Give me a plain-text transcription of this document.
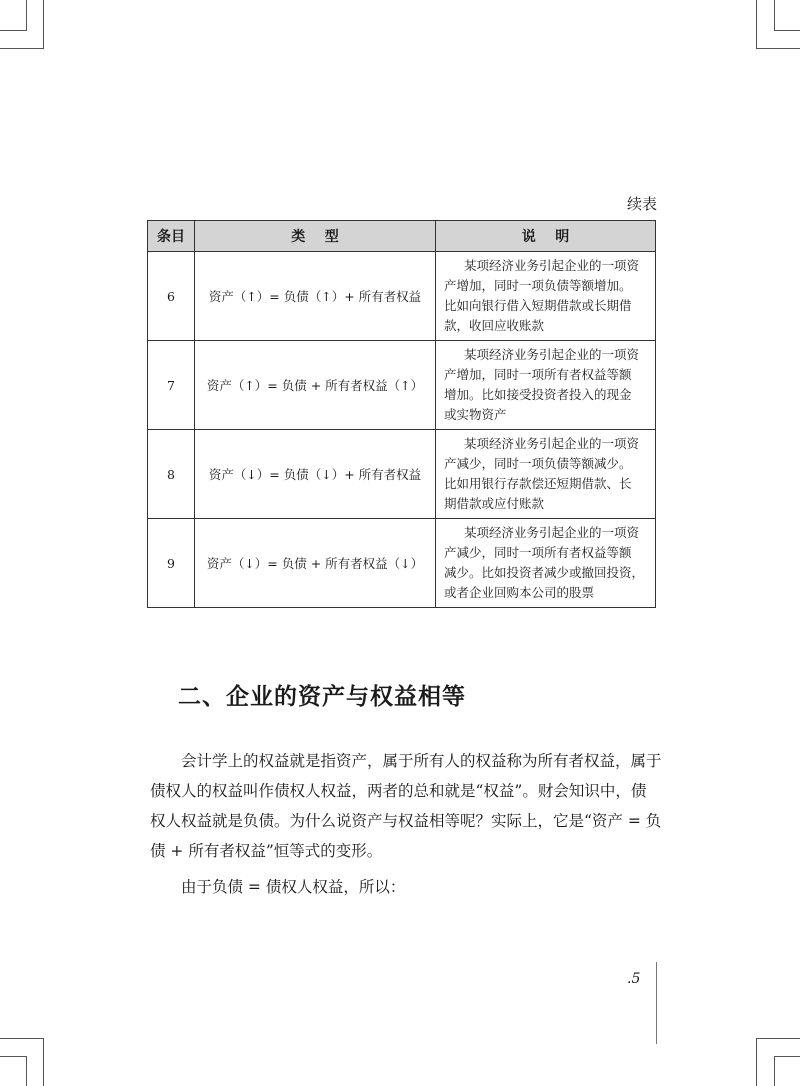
续表
条目	类    型	说    明
6	资产（↑）= 负债（↑）+ 所有者权益	某项经济业务引起企业的一项资
产增加，同时一项负债等额增加。
比如向银行借入短期借款或长期借
款，收回应收账款

7	资产（↑）= 负债 + 所有者权益（↑）	某项经济业务引起企业的一项资
产增加，同时一项所有者权益等额
增加。比如接受投资者投入的现金
或实物资产

8	资产（↓）= 负债（↓）+ 所有者权益	某项经济业务引起企业的一项资
产减少，同时一项负债等额减少。
比如用银行存款偿还短期借款、长
期借款或应付账款

9	资产（↓）= 负债 + 所有者权益（↓）	某项经济业务引起企业的一项资
产减少，同时一项所有者权益等额
减少。比如投资者减少或撤回投资，
或者企业回购本公司的股票
二、企业的资产与权益相等

会计学上的权益就是指资产，属于所有人的权益称为所有者权益，属于
债权人的权益叫作债权人权益，两者的总和就是“权益”。财会知识中，债
权人权益就是负债。为什么说资产与权益相等呢？实际上，它是“资产 = 负
债 + 所有者权益”恒等式的变形。

由于负债 = 债权人权益，所以：

.5
